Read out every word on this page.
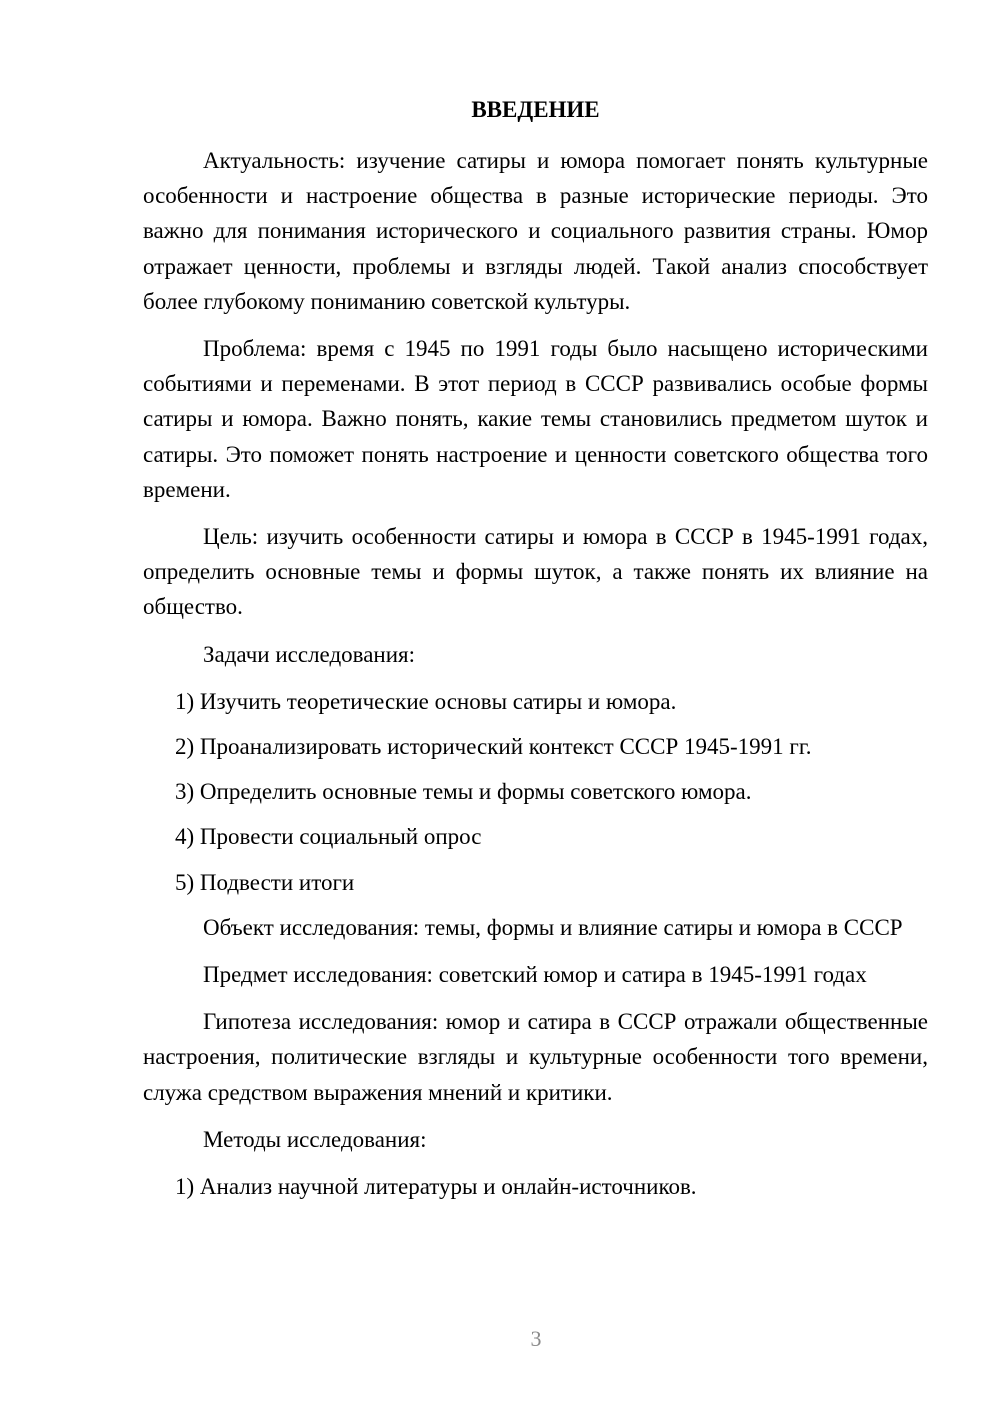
ВВЕДЕНИЕ

Актуальность: изучение сатиры и юмора помогает понять культурные особенности и настроение общества в разные исторические периоды. Это важно для понимания исторического и социального развития страны. Юмор отражает ценности, проблемы и взгляды людей. Такой анализ способствует более глубокому пониманию советской культуры.

Проблема: время с 1945 по 1991 годы было насыщено историческими событиями и переменами. В этот период в СССР развивались особые формы сатиры и юмора. Важно понять, какие темы становились предметом шуток и сатиры. Это поможет понять настроение и ценности советского общества того времени.

Цель: изучить особенности сатиры и юмора в СССР в 1945-1991 годах, определить основные темы и формы шуток, а также понять их влияние на общество.

Задачи исследования:

1) Изучить теоретические основы сатиры и юмора.
2) Проанализировать исторический контекст СССР 1945-1991 гг.
3) Определить основные темы и формы советского юмора.
4) Провести социальный опрос
5) Подвести итоги

Объект исследования: темы, формы и влияние сатиры и юмора в СССР

Предмет исследования: советский юмор и сатира в 1945-1991 годах

Гипотеза исследования: юмор и сатира в СССР отражали общественные настроения, политические взгляды и культурные особенности того времени, служа средством выражения мнений и критики.

Методы исследования:

1) Анализ научной литературы и онлайн-источников.
3
